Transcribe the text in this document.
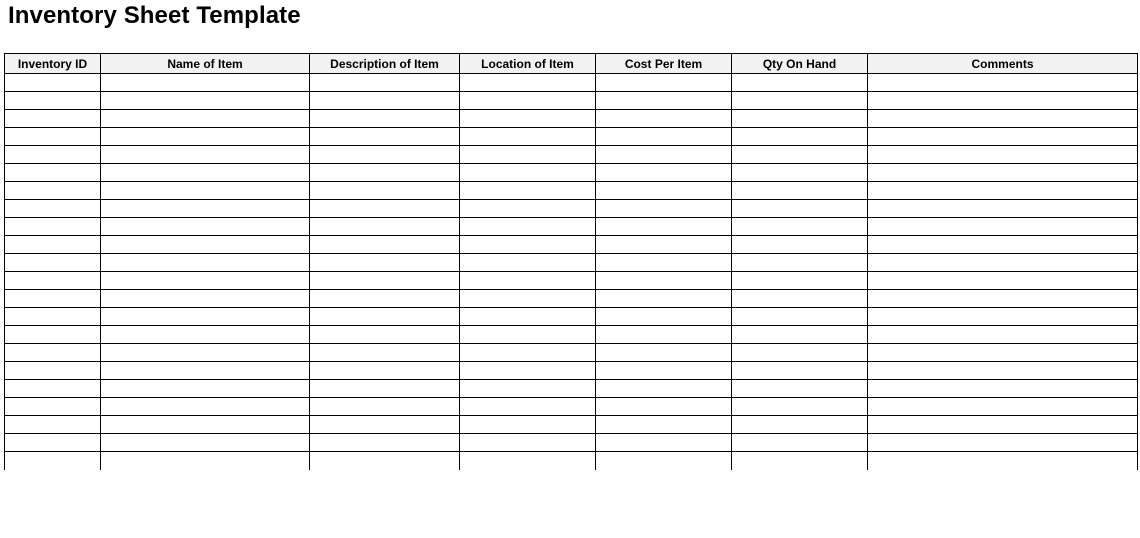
Inventory Sheet Template
Inventory ID	Name of Item	Description of Item	Location of Item	Cost Per Item	Qty On Hand	Comments
